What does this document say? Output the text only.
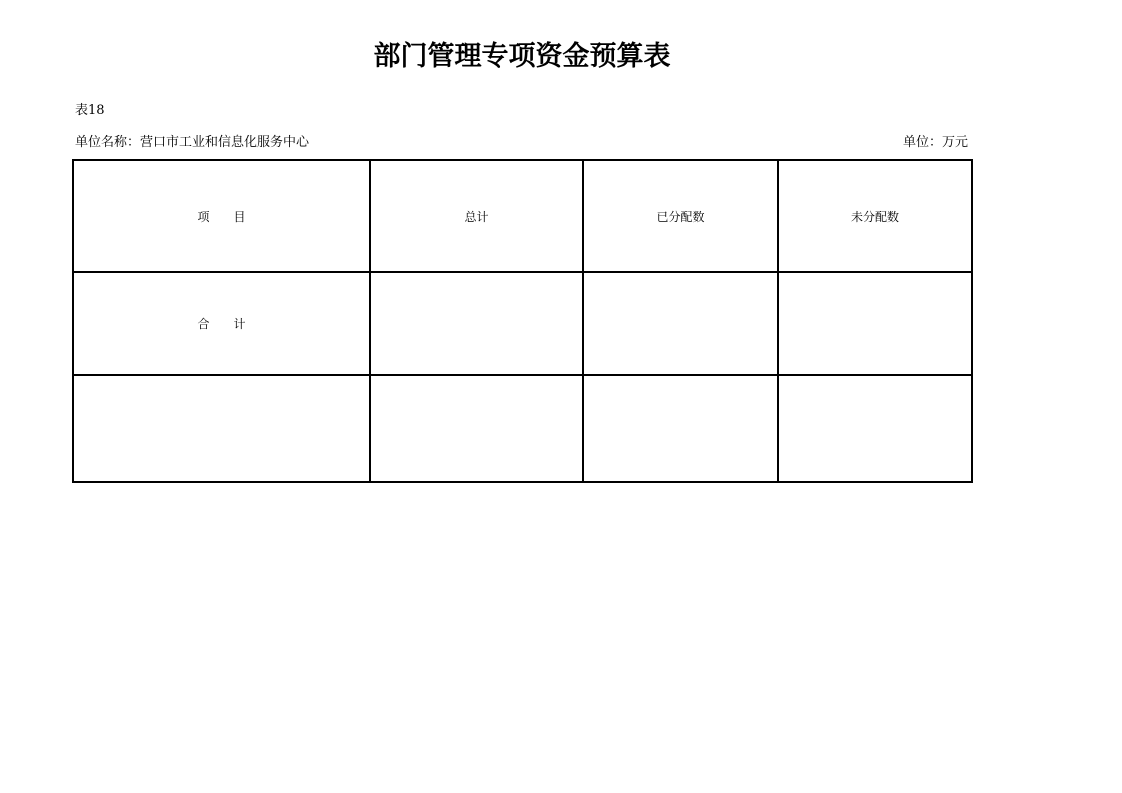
部门管理专项资金预算表
表18
单位名称：营口市工业和信息化服务中心	单位：万元
项　　目	总计	已分配数	未分配数
合　　计			
